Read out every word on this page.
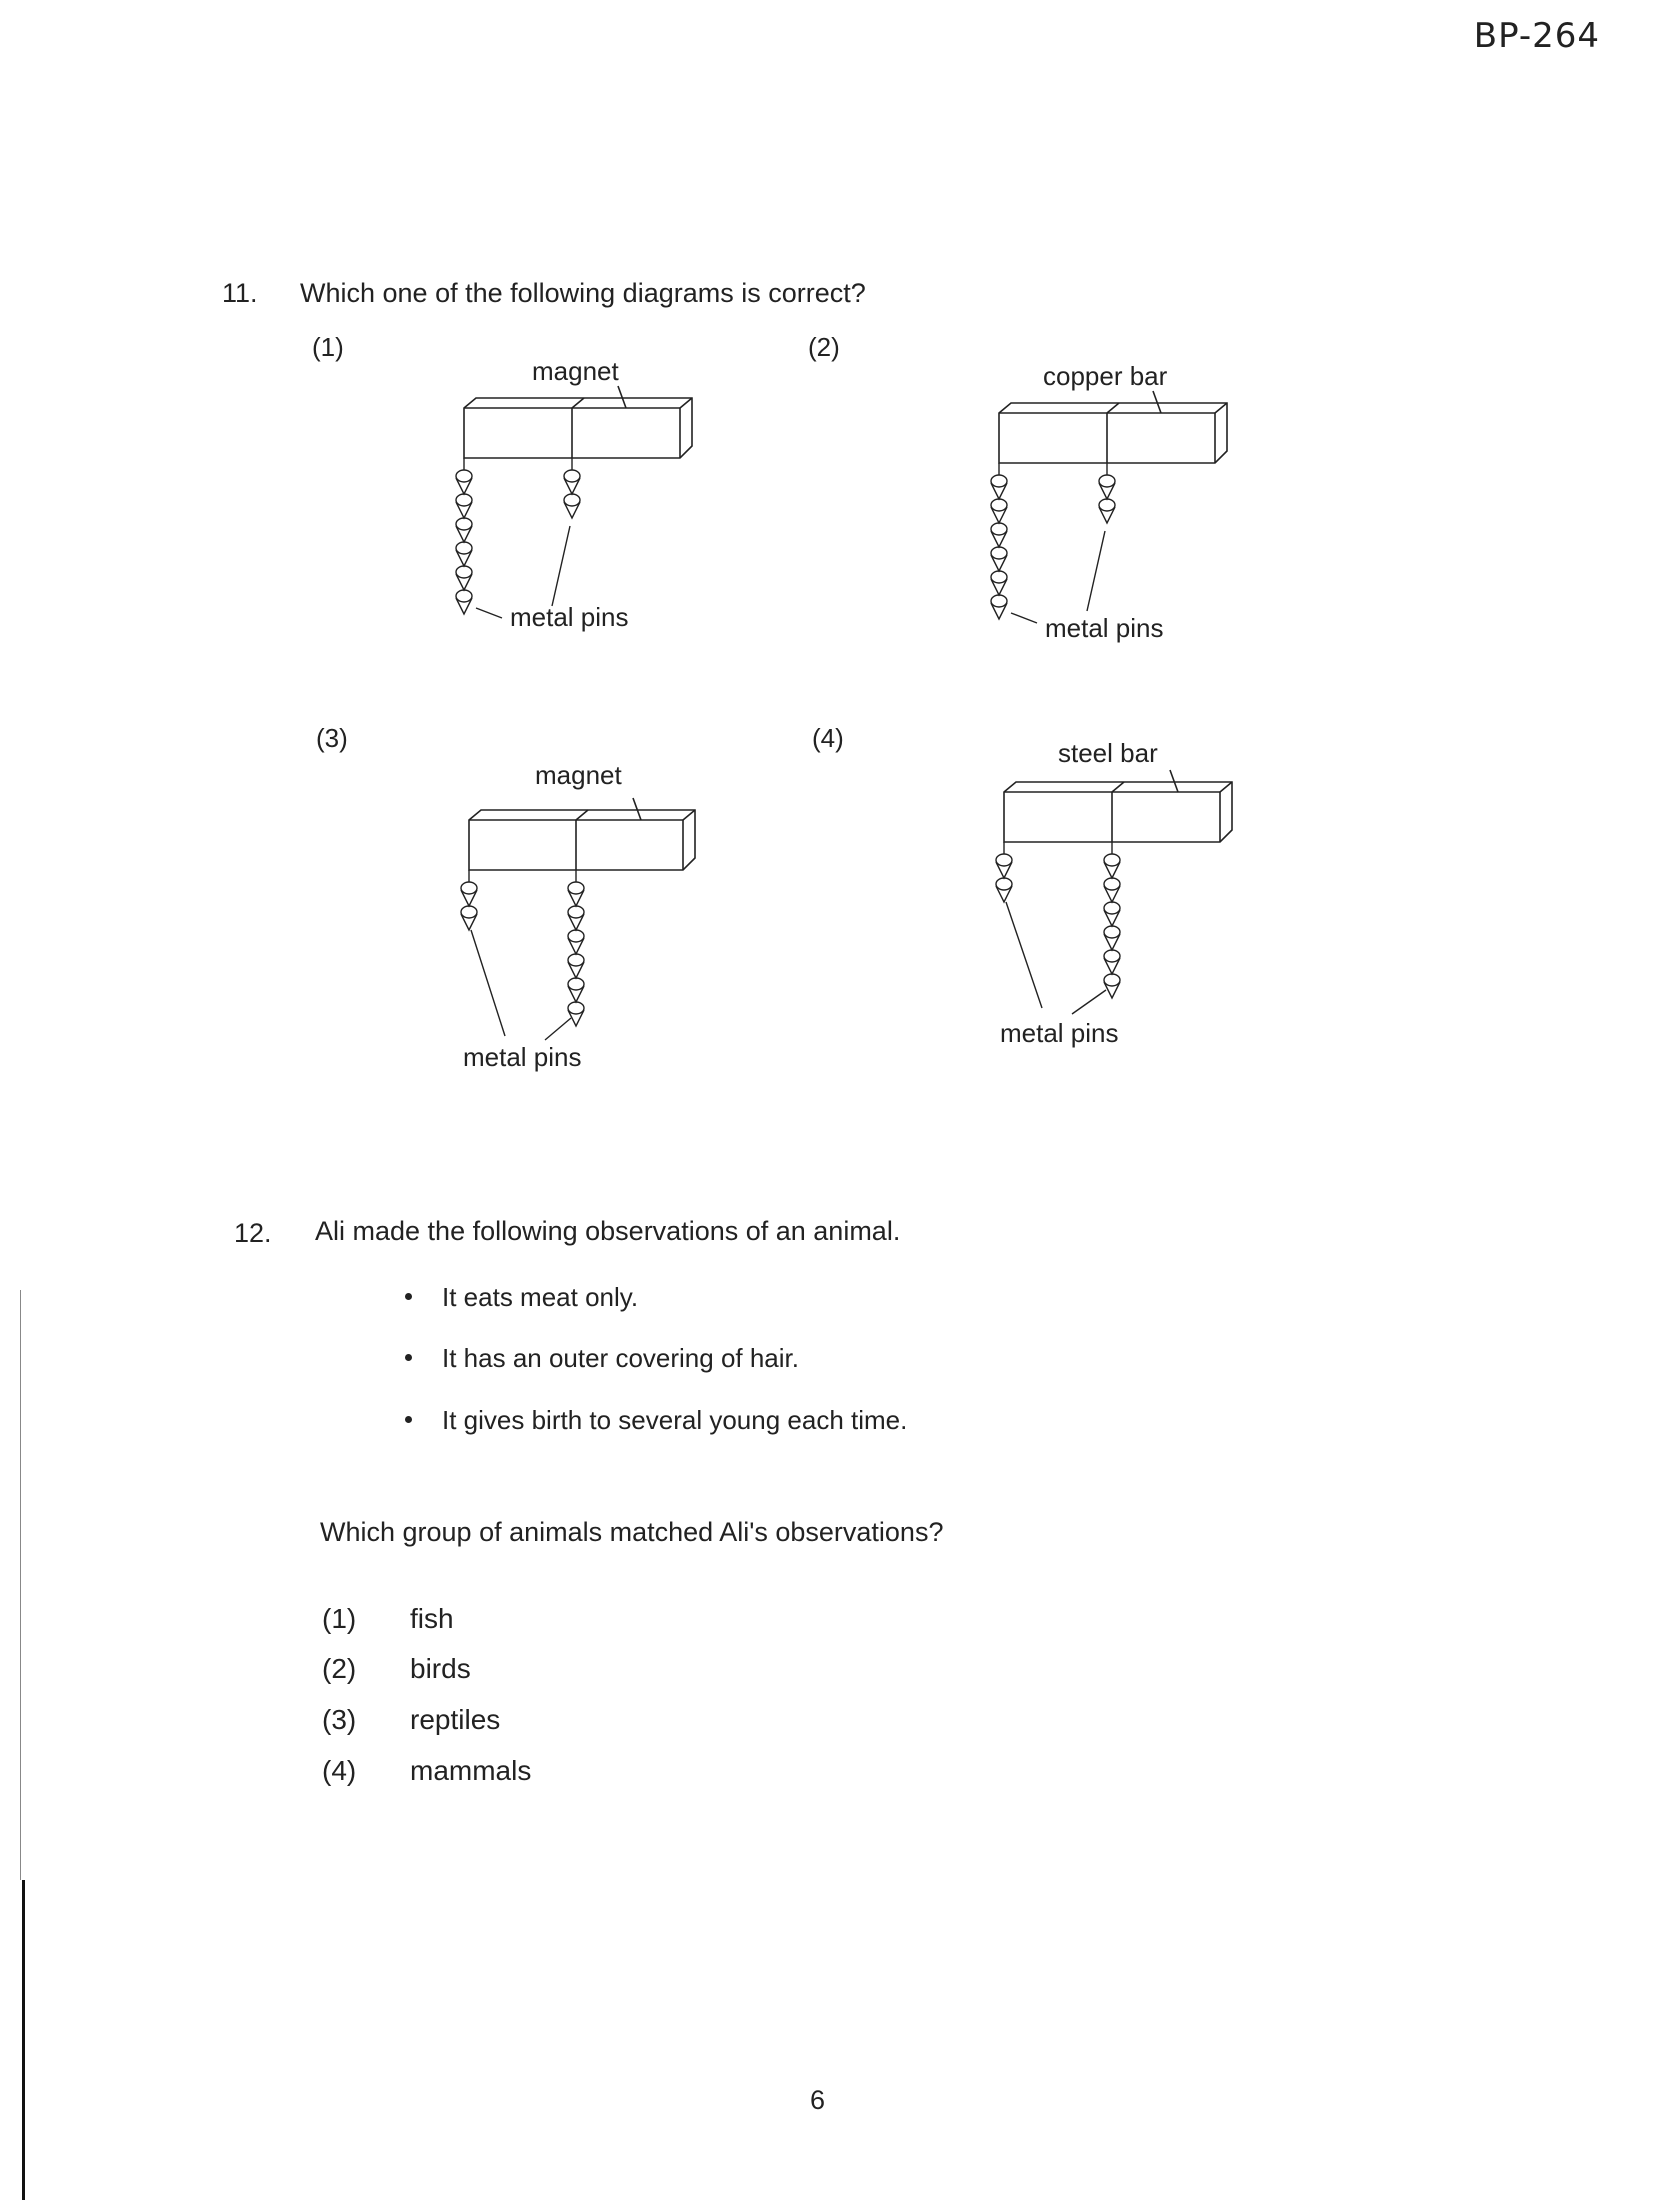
BP-264
11. Which one of the following diagrams is correct?
(1)	(2)
(3)	(4)
magnet
metal pins
copper bar
metal pins
magnet
metal pins
steel bar
metal pins
12. Ali made the following observations of an animal.
It eats meat only.
It has an outer covering of hair.
It gives birth to several young each time.
Which group of animals matched Ali's observations?
(1) fish
(2) birds
(3) reptiles
(4) mammals
6
